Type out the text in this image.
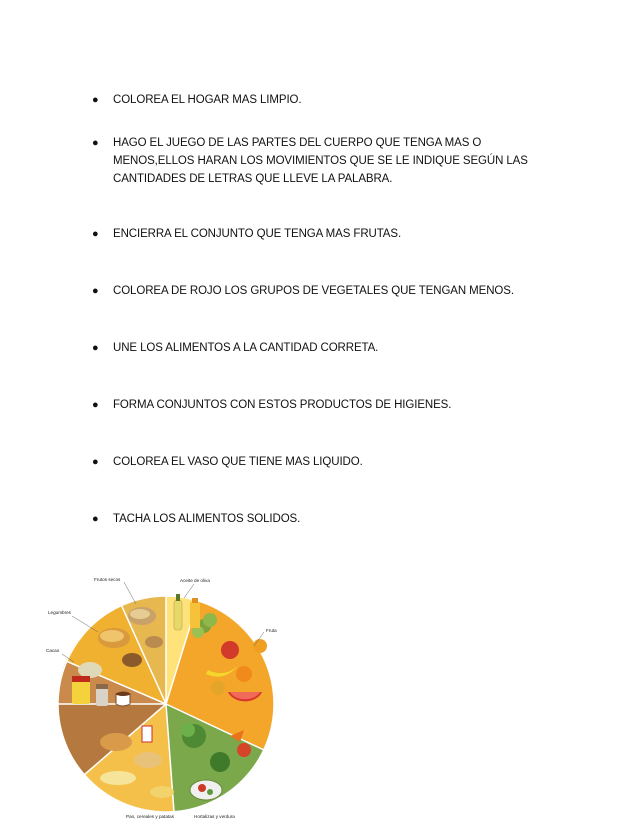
● COLOREA EL HOGAR MAS LIMPIO.
● HAGO EL JUEGO DE LAS PARTES DEL CUERPO QUE TENGA MAS O MENOS,ELLOS HARAN LOS MOVIMIENTOS QUE SE LE INDIQUE SEGÚN LAS CANTIDADES DE LETRAS QUE LLEVE LA PALABRA.
● ENCIERRA EL CONJUNTO QUE TENGA MAS FRUTAS.
● COLOREA DE ROJO LOS GRUPOS DE VEGETALES QUE TENGAN MENOS.
● UNE LOS ALIMENTOS A LA CANTIDAD CORRETA.
● FORMA CONJUNTOS CON ESTOS PRODUCTOS DE HIGIENES.
● COLOREA EL VASO QUE TIENE MAS LIQUIDO.
● TACHA LOS ALIMENTOS SOLIDOS.
Frutos secos	Aceite de oliva
Legumbres
Fruta
Cacao
Pan, cereales y patatas	Hortalizas y verdura
